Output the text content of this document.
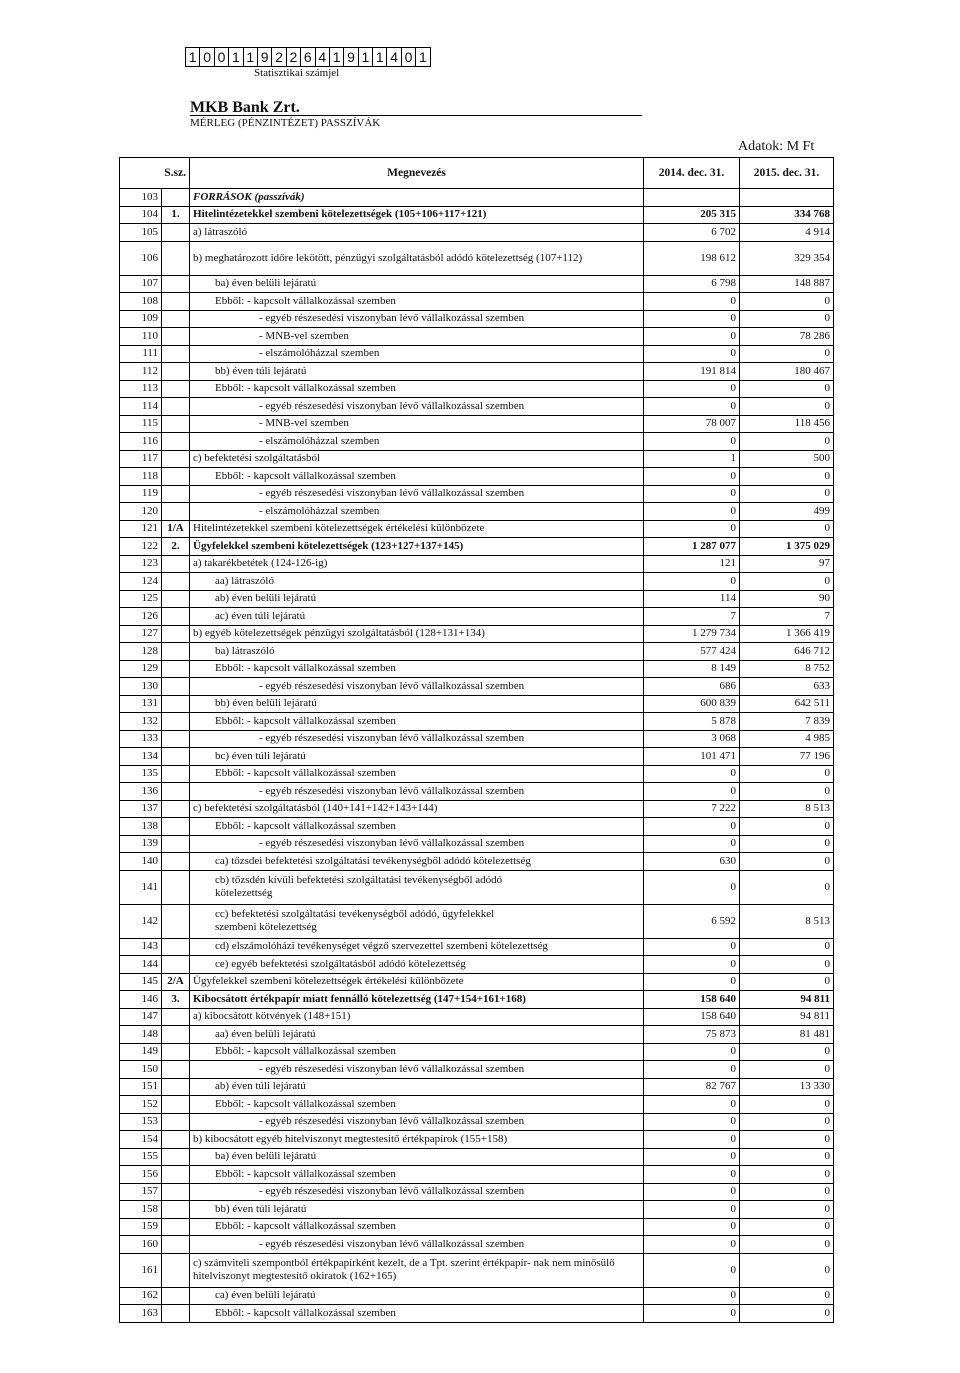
1 0 0 1 1 9 2 2 6 4 1 9 1 1 4 0 1
Statisztikai számjel
MKB Bank Zrt.
MÉRLEG (PÉNZINTÉZET) PASSZÍVÁK
Adatok: M Ft
S.sz.		Megnevezés	2014. dec. 31.	2015. dec. 31.
103		FORRÁSOK (passzívák)		
104	1.	Hitelintézetekkel szembeni kötelezettségek (105+106+117+121)	205 315	334 768
105		a) látraszóló	6 702	4 914
106		b) meghatározott időre lekötött, pénzügyi szolgáltatásból adódó kötelezettség (107+112)	198 612	329 354
107		ba) éven belüli lejáratú	6 798	148 887
108		Ebből: - kapcsolt vállalkozással szemben	0	0
109		- egyéb részesedési viszonyban lévő vállalkozással szemben	0	0
110		- MNB-vel szemben	0	78 286
111		- elszámolóházzal szemben	0	0
112		bb) éven túli lejáratú	191 814	180 467
113		Ebből: - kapcsolt vállalkozással szemben	0	0
114		- egyéb részesedési viszonyban lévő vállalkozással szemben	0	0
115		- MNB-vel szemben	78 007	118 456
116		- elszámolóházzal szemben	0	0
117		c) befektetési szolgáltatásból	1	500
118		Ebből: - kapcsolt vállalkozással szemben	0	0
119		- egyéb részesedési viszonyban lévő vállalkozással szemben	0	0
120		- elszámolóházzal szemben	0	499
121	1/A	Hitelintézetekkel szembeni kötelezettségek értékelési különbözete	0	0
122	2.	Ügyfelekkel szembeni kötelezettségek (123+127+137+145)	1 287 077	1 375 029
123		a) takarékbetétek (124-126-ig)	121	97
124		aa) látraszóló	0	0
125		ab) éven belüli lejáratú	114	90
126		ac) éven túli lejáratú	7	7
127		b) egyéb kötelezettségek pénzügyi szolgáltatásból (128+131+134)	1 279 734	1 366 419
128		ba) látraszóló	577 424	646 712
129		Ebből: - kapcsolt vállalkozással szemben	8 149	8 752
130		- egyéb részesedési viszonyban lévő vállalkozással szemben	686	633
131		bb) éven belüli lejáratú	600 839	642 511
132		Ebből: - kapcsolt vállalkozással szemben	5 878	7 839
133		- egyéb részesedési viszonyban lévő vállalkozással szemben	3 068	4 985
134		bc) éven túli lejáratú	101 471	77 196
135		Ebből: - kapcsolt vállalkozással szemben	0	0
136		- egyéb részesedési viszonyban lévő vállalkozással szemben	0	0
137		c) befektetési szolgáltatásból (140+141+142+143+144)	7 222	8 513
138		Ebből: - kapcsolt vállalkozással szemben	0	0
139		- egyéb részesedési viszonyban lévő vállalkozással szemben	0	0
140		ca) tőzsdei befektetési szolgáltatási tevékenységből adódó kötelezettség	630	0
141		cb) tőzsdén kívüli befektetési szolgáltatási tevékenységből adódó kötelezettség	0	0
142		cc) befektetési szolgáltatási tevékenységből adódó, ügyfelekkel szembeni kötelezettség	6 592	8 513
143		cd) elszámolóházi tevékenységet végző szervezettel szembeni kötelezettség	0	0
144		ce) egyéb befektetési szolgáltatásból adódó kötelezettség	0	0
145	2/A	Ügyfelekkel szembeni kötelezettségek értékelési különbözete	0	0
146	3.	Kibocsátott értékpapír miatt fennálló kötelezettség (147+154+161+168)	158 640	94 811
147		a) kibocsátott kötvények (148+151)	158 640	94 811
148		aa) éven belüli lejáratú	75 873	81 481
149		Ebből: - kapcsolt vállalkozással szemben	0	0
150		- egyéb részesedési viszonyban lévő vállalkozással szemben	0	0
151		ab) éven túli lejáratú	82 767	13 330
152		Ebből: - kapcsolt vállalkozással szemben	0	0
153		- egyéb részesedési viszonyban lévő vállalkozással szemben	0	0
154		b) kibocsátott egyéb hitelviszonyt megtestesítő értékpapírok (155+158)	0	0
155		ba) éven belüli lejáratú	0	0
156		Ebből: - kapcsolt vállalkozással szemben	0	0
157		- egyéb részesedési viszonyban lévő vállalkozással szemben	0	0
158		bb) éven túli lejáratú	0	0
159		Ebből: - kapcsolt vállalkozással szemben	0	0
160		- egyéb részesedési viszonyban lévő vállalkozással szemben	0	0
161		c) számviteli szempontból értékpapírként kezelt, de a Tpt. szerint értékpapír- nak nem minősülő hitelviszonyt megtestesítő okiratok (162+165)	0	0
162		ca) éven belüli lejáratú	0	0
163		Ebből: - kapcsolt vállalkozással szemben	0	0
